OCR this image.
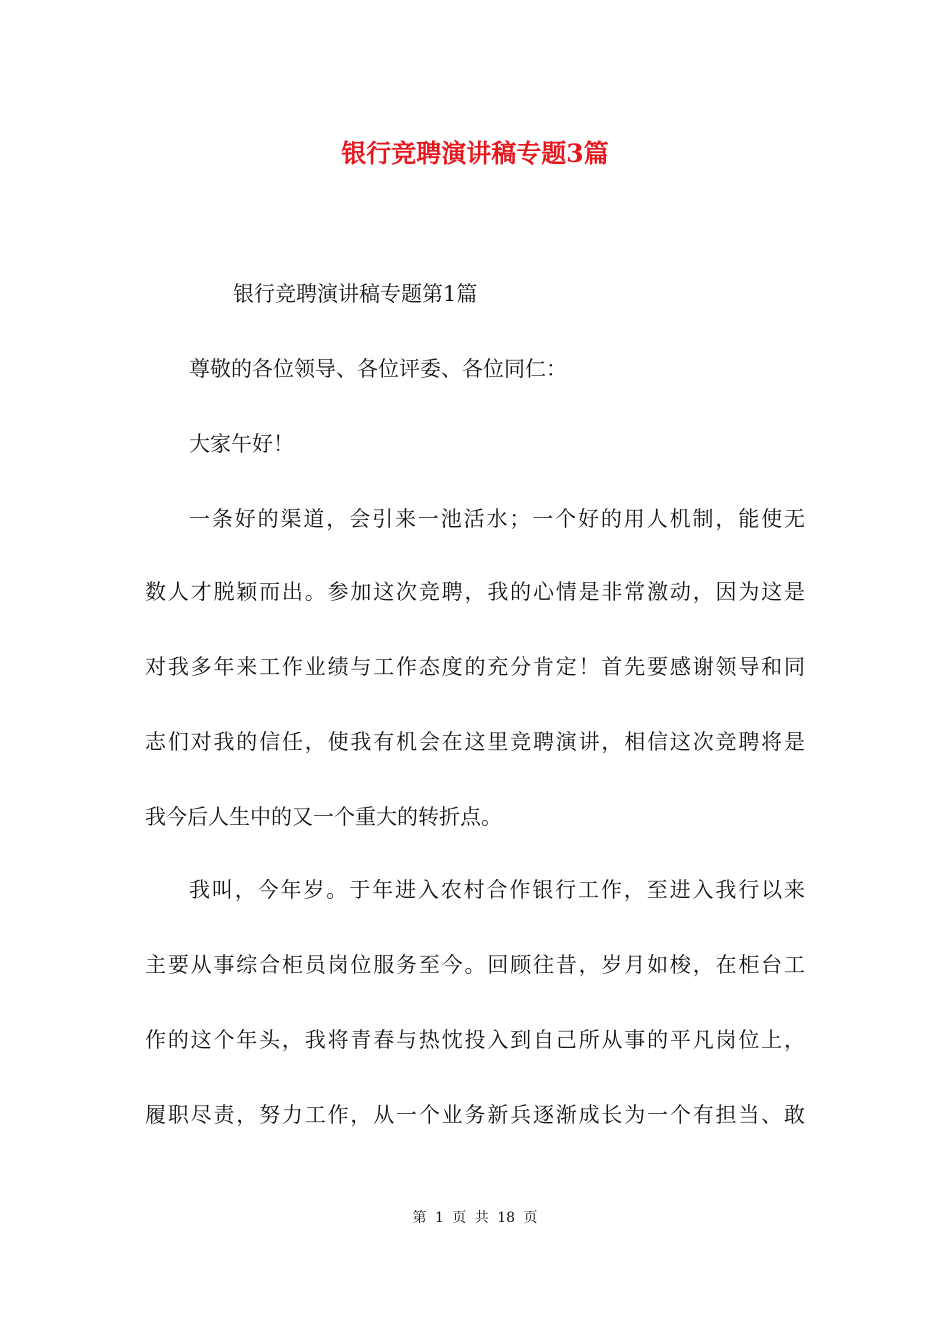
银行竞聘演讲稿专题3篇

银行竞聘演讲稿专题第1篇

尊敬的各位领导、各位评委、各位同仁：

大家午好！

一条好的渠道，会引来一池活水；一个好的用人机制，能使无

数人才脱颖而出。参加这次竞聘，我的心情是非常激动，因为这是

对我多年来工作业绩与工作态度的充分肯定！首先要感谢领导和同

志们对我的信任，使我有机会在这里竞聘演讲，相信这次竞聘将是

我今后人生中的又一个重大的转折点。

我叫，今年岁。于年进入农村合作银行工作，至进入我行以来

主要从事综合柜员岗位服务至今。回顾往昔，岁月如梭，在柜台工

作的这个年头，我将青春与热忱投入到自己所从事的平凡岗位上，

履职尽责，努力工作，从一个业务新兵逐渐成长为一个有担当、敢

第 1 页 共 18 页
